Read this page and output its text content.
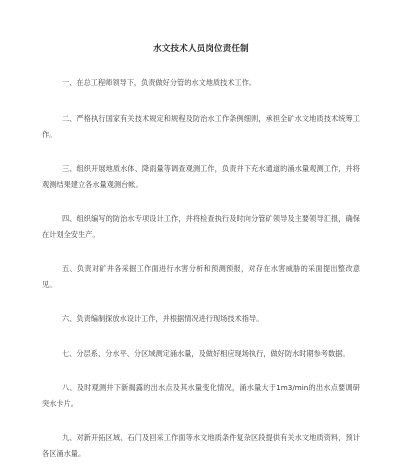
水文技术人员岗位责任制

一、在总工程师领导下，负责做好分管的水文地质技术工作。

二、严格执行国家有关技术规定和规程及防治水工作条例细则，承担全矿水文地质技术统筹工作。

三、组织开展地质水体、降雨量等调查观测工作，负责井下充水通道的涌水量观测工作，并将观测结果建立各水量观测台帐。

四、组织编写的防治水专项设计工作，并将检查执行及时向分管矿领导及主要领导汇报，确保在计划全安生产。

五、负责对矿井各采掘工作面进行水害分析和预测预报，对存在水害威胁的采面提出整改意见。

六、负责编制探放水设计工作，并根据情况进行现场技术指导。

七、分层系、分水平、分区域测定涌水量，及做好相应现场执行，做好防水时期参考数据。

八、及时观测井下新揭露的出水点及其水量变化情况，涌水量大于1m3/min的出水点要调研突水卡片。

九、对新开拓区域、石门及回采工作面等水文地质条件复杂区段提供有关水文地质资料，预计各区涌水量。
